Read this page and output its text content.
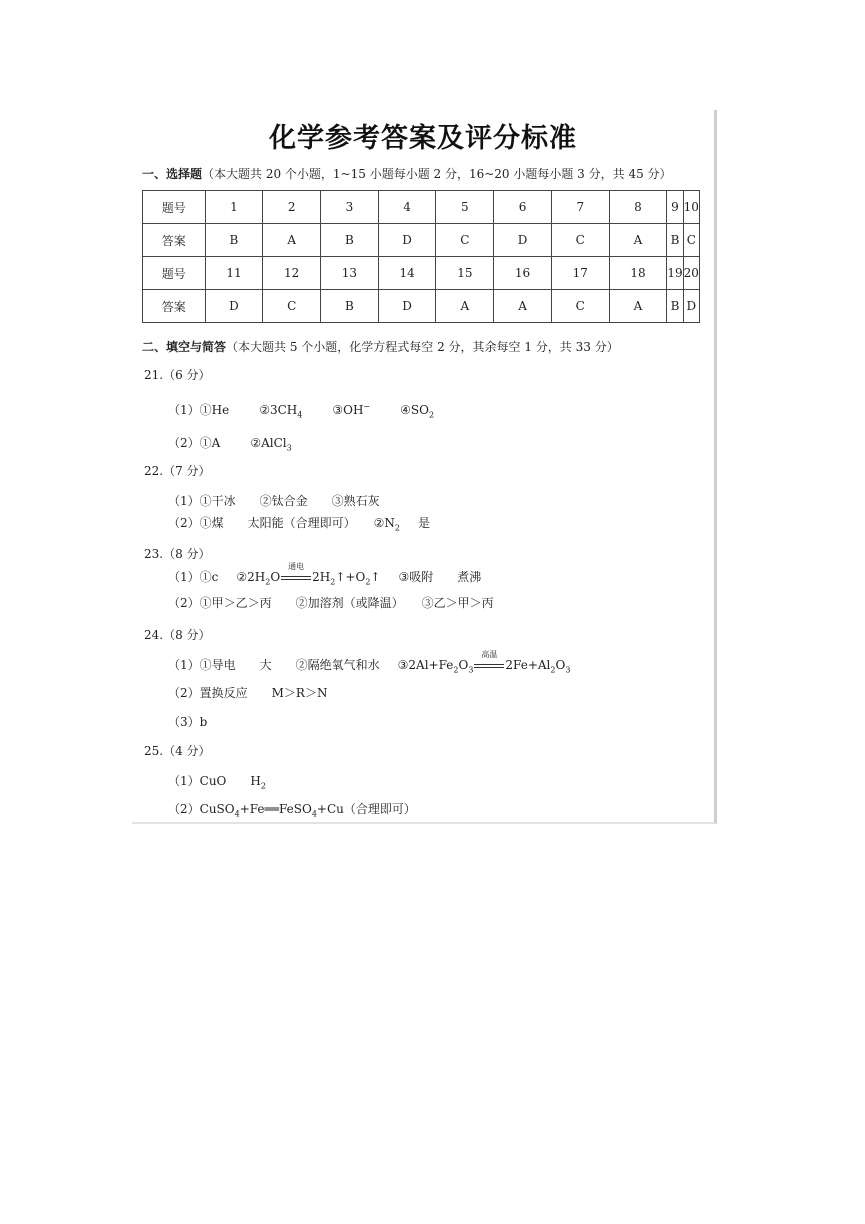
化学参考答案及评分标准
一、选择题（本大题共 20 个小题，1~15 小题每小题 2 分，16~20 小题每小题 3 分，共 45 分）
题号	1	2	3	4	5	6	7	8	9	10
答案	B	A	B	D	C	D	C	A	B	C
题号	11	12	13	14	15	16	17	18	19	20
答案	D	C	B	D	A	A	C	A	B	D
二、填空与简答（本大题共 5 个小题，化学方程式每空 2 分，其余每空 1 分，共 33 分）
21.（6 分）
（1）①He	$②3CH_4$	③OH−	$④SO_2$
（2）①A	②AlCl$_3$
22.（7 分）
（1）①干冰　　②钛合金　　③熟石灰
（2）①煤　　太阳能（合理即可） $②N_2$ 是
23.（8 分）
（1）①c $②2H_2O$
通电
$2H_2↑+O_2↑$ ③吸附　　煮沸
（2）①甲＞乙＞丙　　②加溶剂（或降温）　　③乙＞甲＞丙
24.（8 分）
（1）①导电　　大　　②隔绝氧气和水 $③2Al+Fe_2O_3$
高温
$2Fe+Al_2O_3$
（2）置换反应　　M＞R＞N
（3）b
25.（4 分）
（1）CuO　　$H_2$
（2）CuSO$_4$+Fe══FeSO$_4$+Cu（合理即可）
